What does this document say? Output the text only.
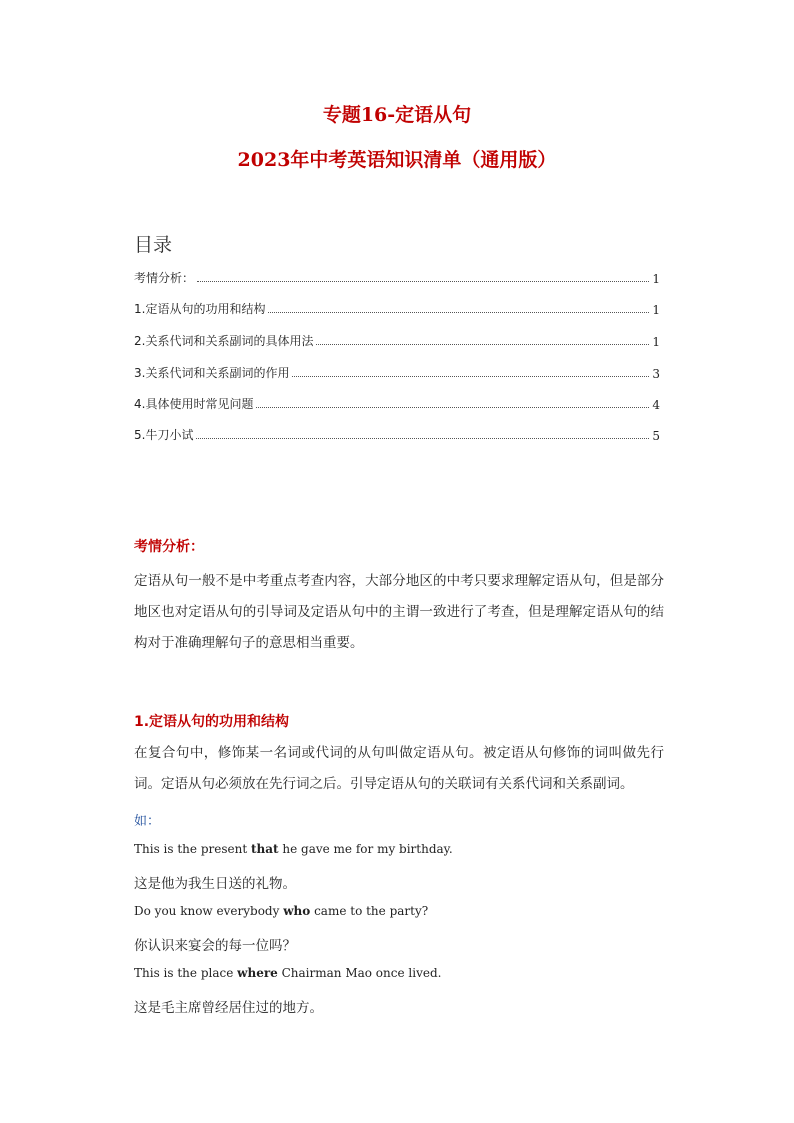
专题16-定语从句
2023年中考英语知识清单（通用版）
目录
考情分析：	1
1.定语从句的功用和结构	1
2.关系代词和关系副词的具体用法	1
3.关系代词和关系副词的作用	3
4.具体使用时常见问题	4
5.牛刀小试	5
考情分析：
定语从句一般不是中考重点考查内容，大部分地区的中考只要求理解定语从句，但是部分地区也对定语从句的引导词及定语从句中的主谓一致进行了考查，但是理解定语从句的结构对于准确理解句子的意思相当重要。
1.定语从句的功用和结构
在复合句中，修饰某一名词或代词的从句叫做定语从句。被定语从句修饰的词叫做先行词。定语从句必须放在先行词之后。引导定语从句的关联词有关系代词和关系副词。
如：
This is the present that he gave me for my birthday.
这是他为我生日送的礼物。
Do you know everybody who came to the party?
你认识来宴会的每一位吗？
This is the place where Chairman Mao once lived.
这是毛主席曾经居住过的地方。
